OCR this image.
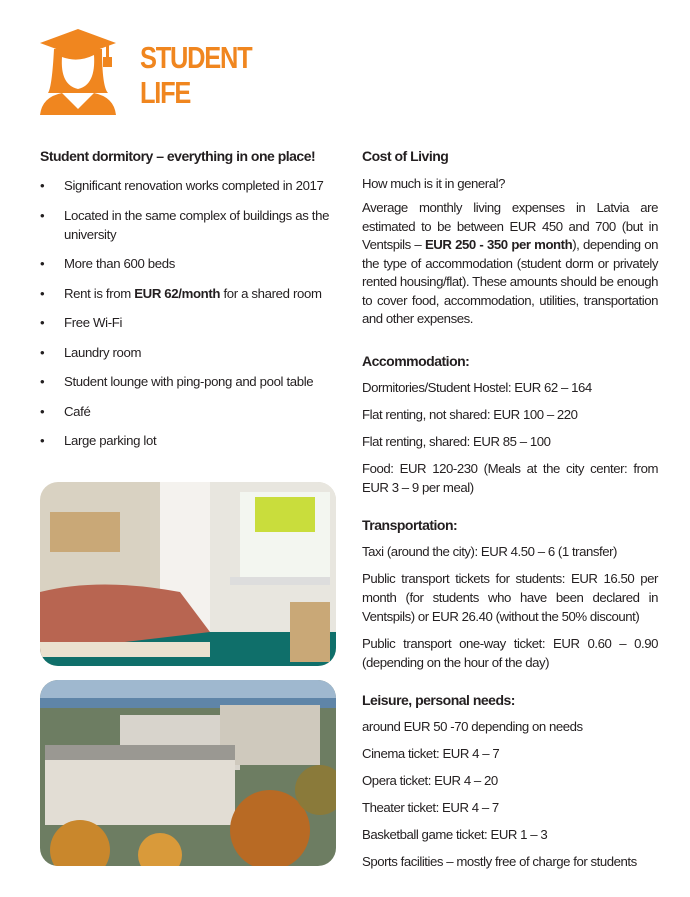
STUDENT
LIFE
Student dormitory – everything in one place!
• Significant renovation works completed in 2017
• Located in the same complex of buildings as the university
• More than 600 beds
• Rent is from EUR 62/month for a shared room
• Free Wi-Fi
• Laundry room
• Student lounge with ping-pong and pool table
• Café
• Large parking lot
Cost of Living
How much is it in general?

Average monthly living expenses in Latvia are estimated to be between EUR 450 and 700 (but in Ventspils – EUR 250 - 350 per month), depending on the type of accommodation (student dorm or privately rented housing/flat). These amounts should be enough to cover food, accommodation, utilities, transportation and other expenses.

Accommodation:

Dormitories/Student Hostel: EUR 62 – 164

Flat renting, not shared: EUR 100 – 220

Flat renting, shared: EUR 85 – 100

Food: EUR 120-230 (Meals at the city center: from EUR 3 – 9 per meal)

Transportation:

Taxi (around the city): EUR 4.50 – 6 (1 transfer)

Public transport tickets for students: EUR 16.50 per month (for students who have been declared in Ventspils) or EUR 26.40 (without the 50% discount)

Public transport one-way ticket: EUR 0.60 – 0.90 (depending on the hour of the day)

Leisure, personal needs:

around EUR 50 -70 depending on needs

Cinema ticket: EUR 4 – 7

Opera ticket: EUR 4 – 20

Theater ticket: EUR 4 – 7

Basketball game ticket: EUR 1 – 3

Sports facilities – mostly free of charge for students
